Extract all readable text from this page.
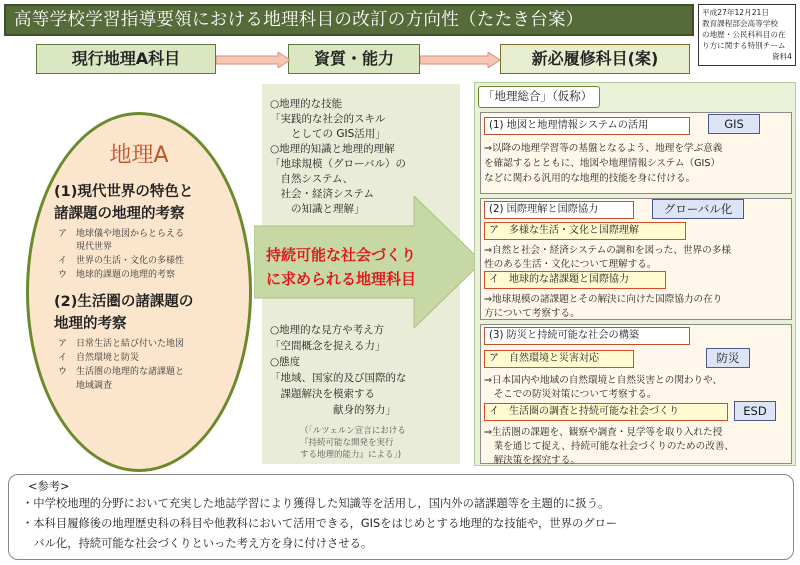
高等学校学習指導要領における地理科目の改訂の方向性（たたき台案）	平成27年12月21日
教育課程部会高等学校
の地歴・公民科科目の在
り方に関する特別チーム
資料4
現行地理A科目	資質・能力	新必履修科目(案)
地理A
(1)現代世界の特色と
諸課題の地理的考察
ア　地球儀や地図からとらえる
　　現代世界
イ　世界の生活・文化の多様性
ウ　地球的課題の地理的考察
(2)生活圏の諸課題の
地理的考察
ア　日常生活と結び付いた地図
イ　自然環境と防災
ウ　生活圏の地理的な諸課題と
　　地域調査
○地理的な技能
「実践的な社会的スキル
　　としての GIS活用」
○地理的知識と地理的理解
「地球規模（グローバル）の
　自然システム、
　社会・経済システム
　　の知識と理解」
持続可能な社会づくり
に求められる地理科目
○地理的な見方や考え方
「空間概念を捉える力」
○態度
「地域、国家的及び国際的な
　課題解決を模索する
　　　　　　献身的努力」
（「ルツェルン宣言における
『持続可能な開発を実行
する地理的能力』による」)
「地理総合」（仮称）
(1) 地図と地理情報システムの活用	GIS
⇒以降の地理学習等の基盤となるよう、地理を学ぶ意義
を確認するとともに、地図や地理情報システム（GIS）
などに関わる汎用的な地理的技能を身に付ける。
(2) 国際理解と国際協力	グローバル化
ア　多様な生活・文化と国際理解
⇒自然と社会・経済システムの調和を図った、世界の多様
性のある生活・文化について理解する。
イ　地球的な諸課題と国際協力
⇒地球規模の諸課題とその解決に向けた国際協力の在り
方について考察する。
(3) 防災と持続可能な社会の構築
ア　自然環境と災害対応	防災
⇒日本国内や地域の自然環境と自然災害との関わりや、
　そこでの防災対策について考察する。
イ　生活圏の調査と持続可能な社会づくり	ESD
⇒生活圏の課題を、観察や調査・見学等を取り入れた授
　業を通じて捉え、持続可能な社会づくりのための改善、
　解決策を探究する。
<参考>
・中学校地理的分野において充実した地誌学習により獲得した知識等を活用し，国内外の諸課題等を主題的に扱う。
・本科目履修後の地理歴史科の科目や他教科において活用できる，GISをはじめとする地理的な技能や，世界のグロー
　バル化，持続可能な社会づくりといった考え方を身に付けさせる。
